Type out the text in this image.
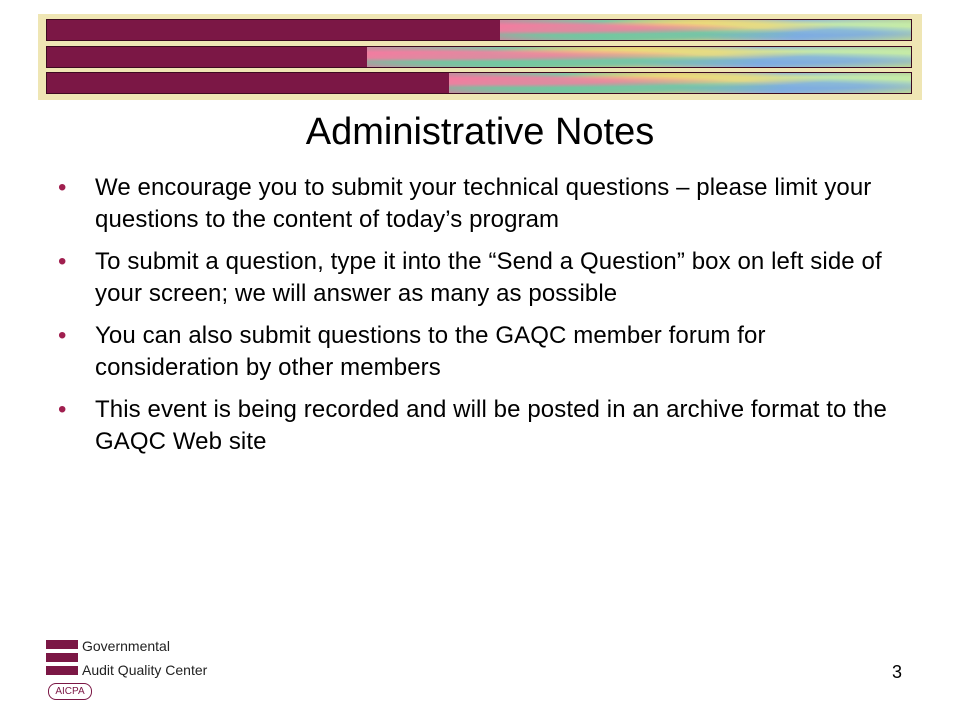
Administrative Notes
• We encourage you to submit your technical questions – please limit your questions to the content of today’s program
• To submit a question, type it into the “Send a Question” box on left side of your screen; we will answer as many as possible
• You can also submit questions to the GAQC member forum for consideration by other members
• This event is being recorded and will be posted in an archive format to the GAQC Web site
Governmental
Audit Quality Center
AICPA
3
